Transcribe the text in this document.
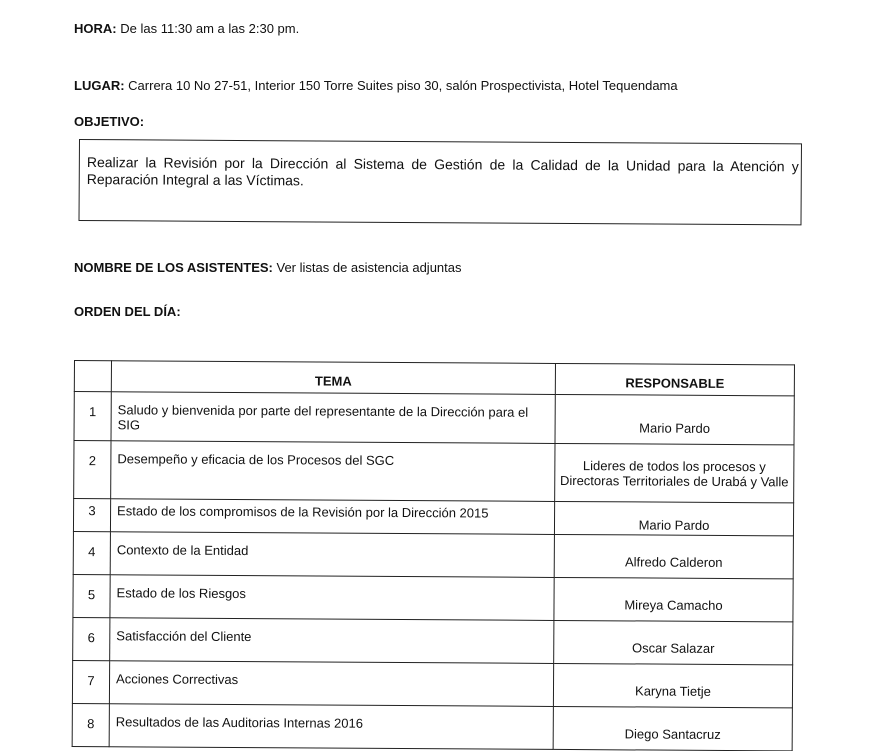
HORA: De las 11:30 am a las 2:30 pm.
LUGAR: Carrera 10 No 27-51, Interior 150 Torre Suites piso 30, salón Prospectivista, Hotel Tequendama
OBJETIVO:
Realizar la Revisión por la Dirección al Sistema de Gestión de la Calidad de la Unidad para la Atención y Reparación Integral a las Víctimas.
NOMBRE DE LOS ASISTENTES: Ver listas de asistencia adjuntas
ORDEN DEL DÍA:
	TEMA	RESPONSABLE
1	Saludo y bienvenida por parte del representante de la Dirección para el SIG	Mario Pardo
2	Desempeño y eficacia de los Procesos del SGC	Lideres de todos los procesos y Directoras Territoriales de Urabá y Valle
3	Estado de los compromisos de la Revisión por la Dirección 2015	Mario Pardo
4	Contexto de la Entidad	Alfredo Calderon
5	Estado de los Riesgos	Mireya Camacho
6	Satisfacción del Cliente	Oscar Salazar
7	Acciones Correctivas	Karyna Tietje
8	Resultados de las Auditorias Internas 2016	Diego Santacruz
